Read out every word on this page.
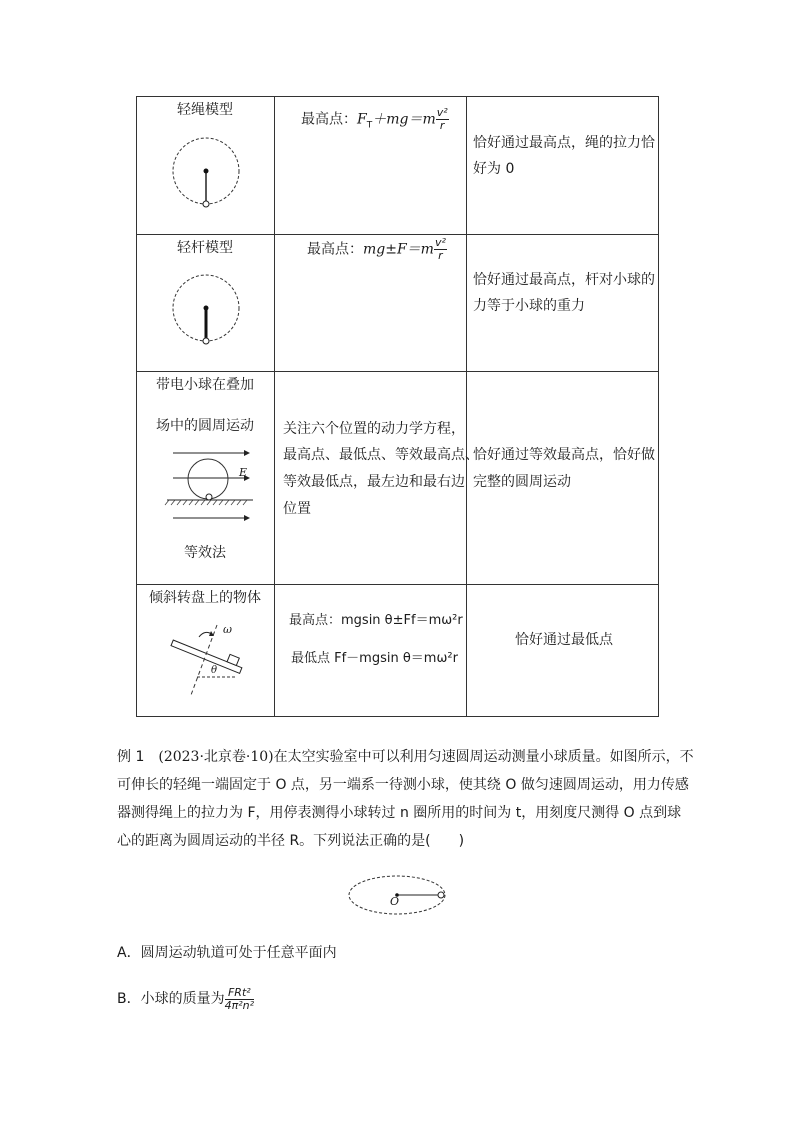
轻绳模型	最高点：$F_T+mg=m \frac{\text{v²}}{r}$	恰好通过最高点，绳的拉力恰
好为 0

轻杆模型	最高点：$mg\pm F=m \frac{\text{v²}}{r}$	恰好通过最高点，杆对小球的
力等于小球的重力

带电小球在叠加
场中的圆周运动
E
等效法	关注六个位置的动力学方程，
最高点、最低点、等效最高点、
等效最低点，最左边和最右边
位置	恰好通过等效最高点，恰好做
完整的圆周运动

倾斜转盘上的物体
ω
θ	最高点：mgsin θ±Ff＝mω²r
最低点 Ff－mgsin θ＝mω²r	恰好通过最低点
例 1　 (2023·北京卷·10)在太空实验室中可以利用匀速圆周运动测量小球质量。如图所示，不
可伸长的轻绳一端固定于 O 点，另一端系一待测小球，使其绕 O 做匀速圆周运动，用力传感
器测得绳上的拉力为 F，用停表测得小球转过 n 圈所用的时间为 t，用刻度尺测得 O 点到球
心的距离为圆周运动的半径 R。下列说法正确的是(　　)
O
A．圆周运动轨道可处于任意平面内
B．小球的质量为 $\frac{\text{FRt²}}{\text{4π²n²}}$
